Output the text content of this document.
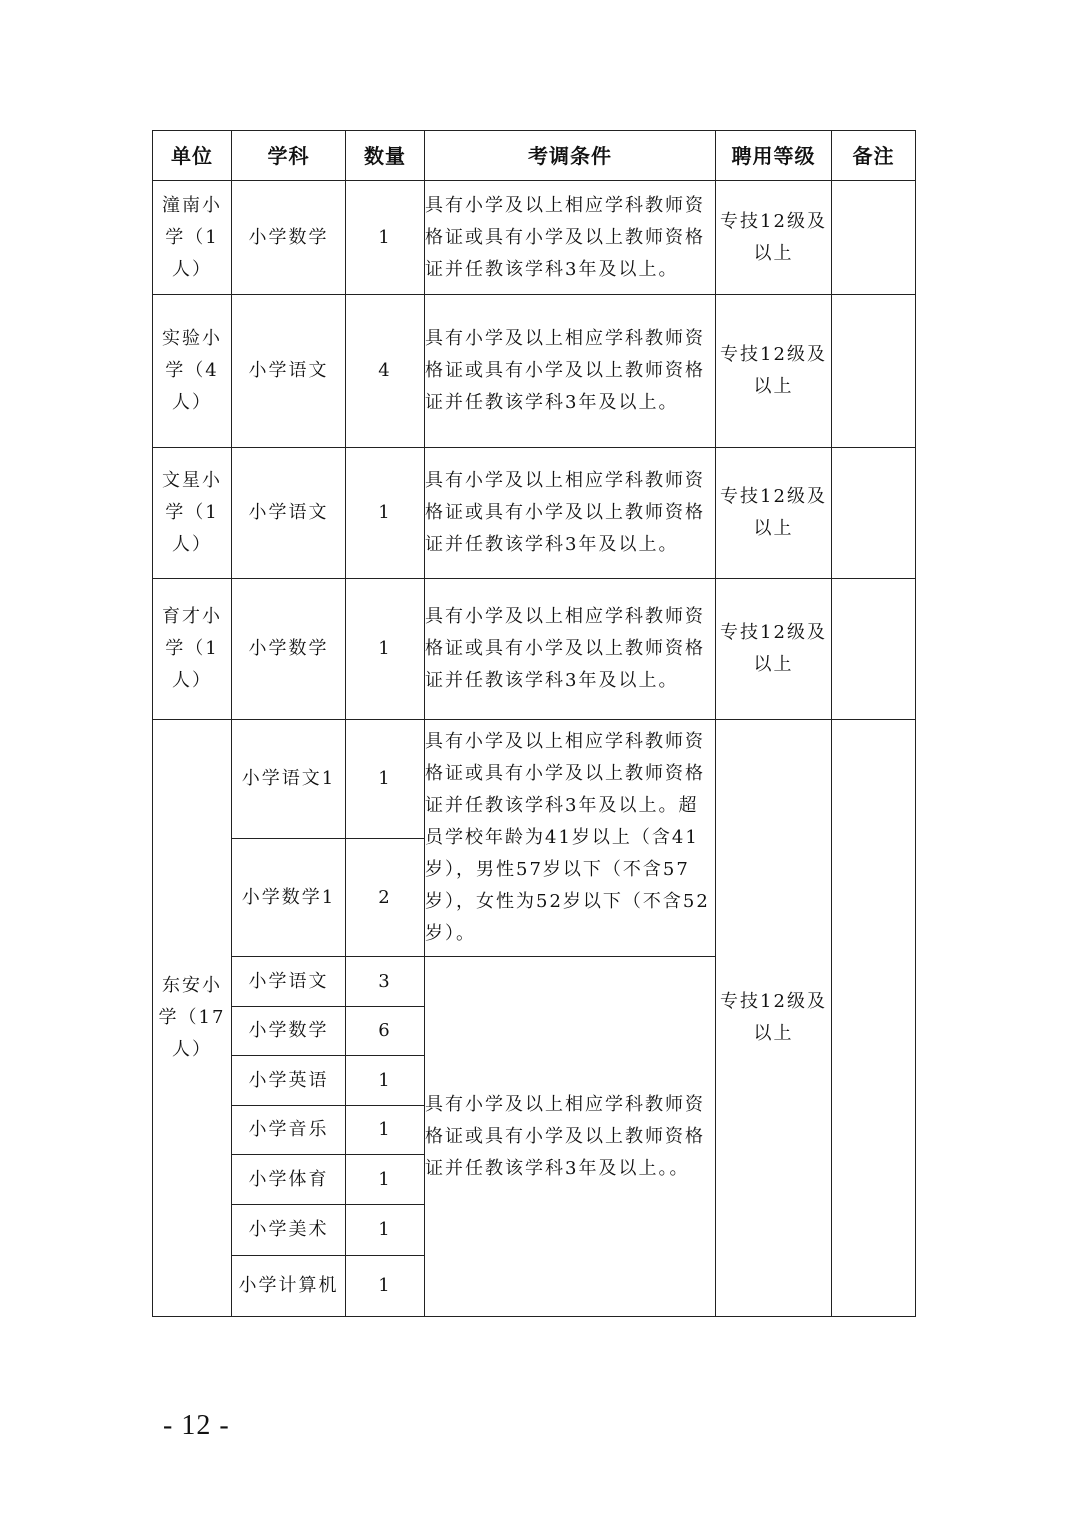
单位	学科	数量	考调条件	聘用等级	备注
潼南小学（1人）	小学数学	1	具有小学及以上相应学科教师资格证或具有小学及以上教师资格证并任教该学科3年及以上。	专技12级及以上	
实验小学（4人）	小学语文	4	具有小学及以上相应学科教师资格证或具有小学及以上教师资格证并任教该学科3年及以上。	专技12级及以上	
文星小学（1人）	小学语文	1	具有小学及以上相应学科教师资格证或具有小学及以上教师资格证并任教该学科3年及以上。	专技12级及以上	
育才小学（1人）	小学数学	1	具有小学及以上相应学科教师资格证或具有小学及以上教师资格证并任教该学科3年及以上。	专技12级及以上	
东安小学（17人）	小学语文1	1	具有小学及以上相应学科教师资格证或具有小学及以上教师资格证并任教该学科3年及以上。超员学校年龄为41岁以上（含41岁），男性57岁以下（不含57岁），女性为52岁以下（不含52岁）。	专技12级及以上	
	小学数学1	2			
	小学语文	3	具有小学及以上相应学科教师资格证或具有小学及以上教师资格证并任教该学科3年及以上。。		
	小学数学	6			
	小学英语	1			
	小学音乐	1			
	小学体育	1			
	小学美术	1			
	小学计算机	1			
- 12 -
